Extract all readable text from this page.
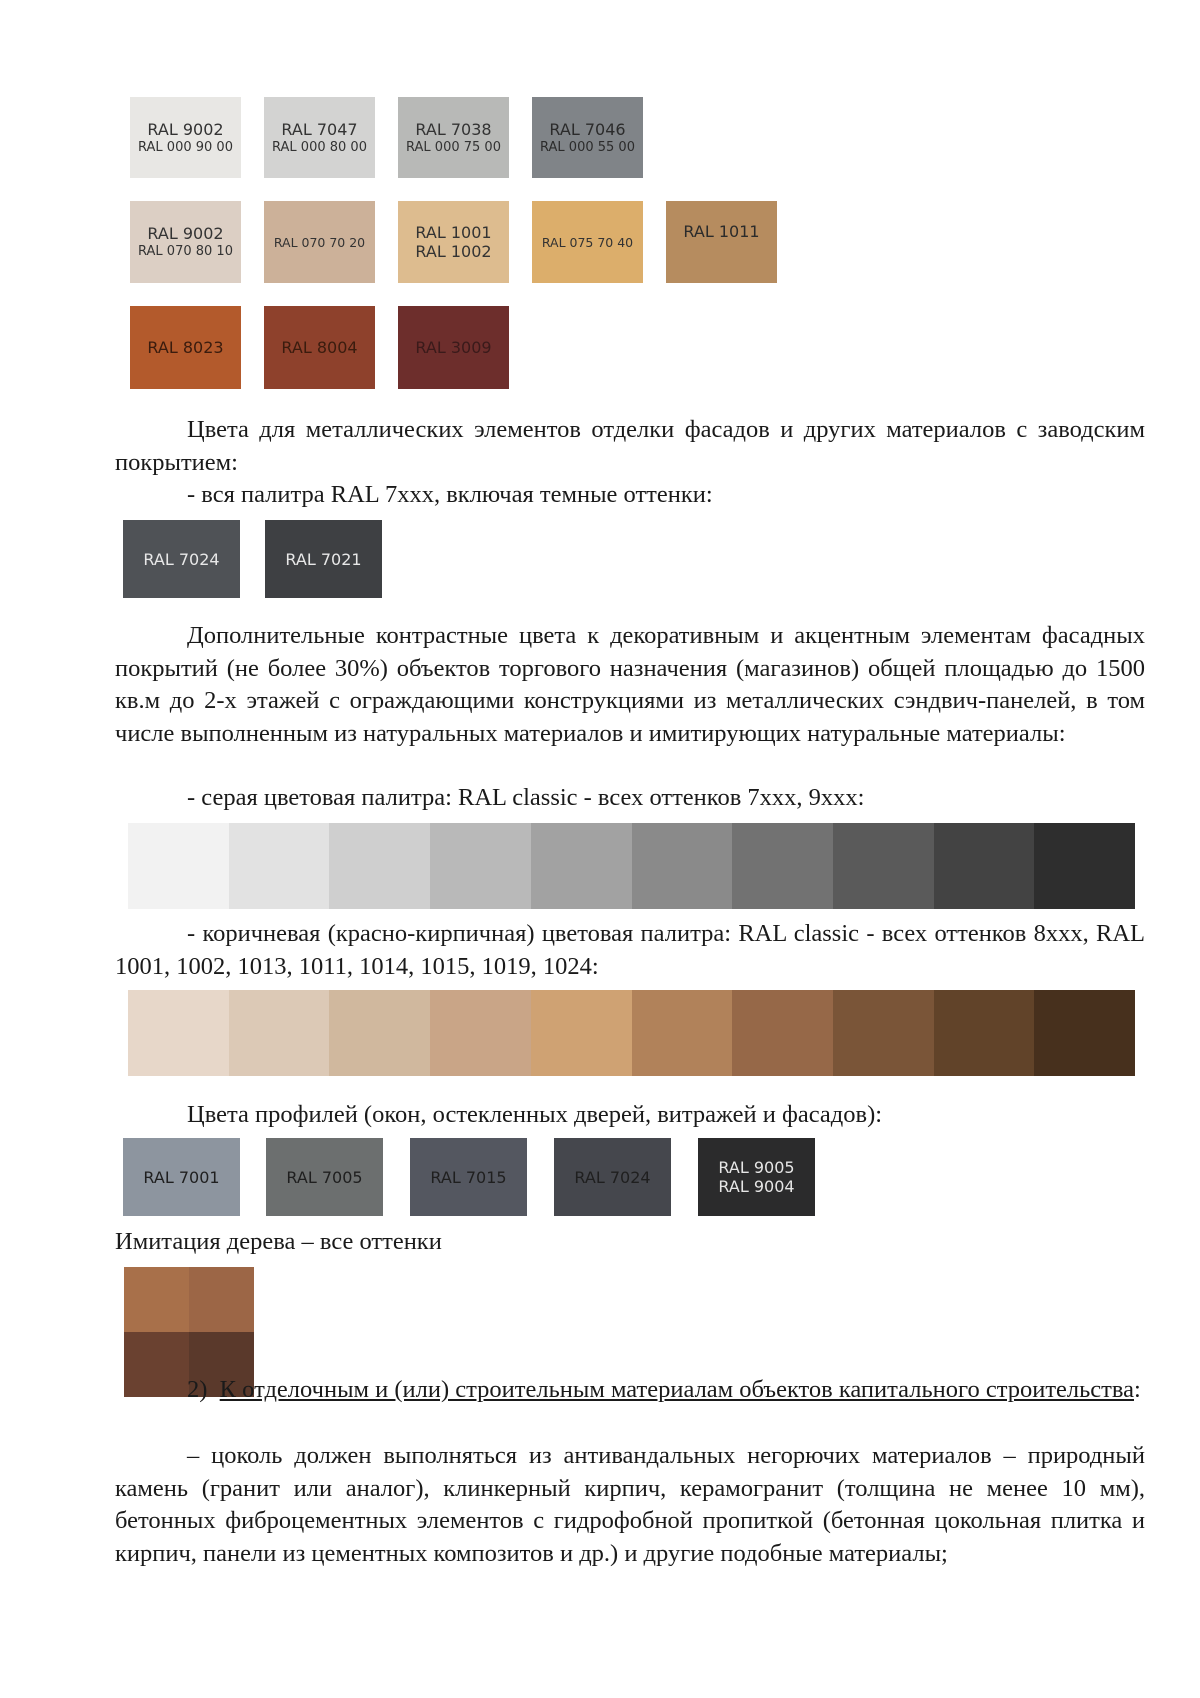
RAL 9002
RAL 000 90 00
RAL 7047
RAL 000 80 00
RAL 7038
RAL 000 75 00
RAL 7046
RAL 000 55 00
RAL 9002
RAL 070 80 10
RAL 070 70 20	RAL 1001
RAL 1002	RAL 075 70 40
RAL 1011
RAL 8023	RAL 8004	RAL 3009

Цвета для металлических элементов отделки фасадов и других материалов с заводским покрытием:

- вся палитра RAL 7xxx, включая темные оттенки:

RAL 7024	RAL 7021

Дополнительные контрастные цвета к декоративным и акцентным элементам фасадных покрытий (не более 30%) объектов торгового назначения (магазинов) общей площадью до 1500 кв.м до 2-х этажей с ограждающими конструкциями из металлических сэндвич-панелей, в том числе выполненным из натуральных материалов и имитирующих натуральные материалы:

- серая цветовая палитра: RAL classic - всех оттенков 7xxx, 9xxx:

- коричневая (красно-кирпичная) цветовая палитра: RAL classic - всех оттенков 8xxx, RAL 1001, 1002, 1013, 1011, 1014, 1015, 1019, 1024:

Цвета профилей (окон, остекленных дверей, витражей и фасадов):

RAL 7001	RAL 7005	RAL 7015	RAL 7024	RAL 9005
RAL 9004

Имитация дерева – все оттенки

2) К отделочным и (или) строительным материалам объектов капитального строительства:

– цоколь должен выполняться из антивандальных негорючих материалов – природный камень (гранит или аналог), клинкерный кирпич, керамогранит (толщина не менее 10 мм), бетонных фиброцементных элементов с гидрофобной пропиткой (бетонная цокольная плитка и кирпич, панели из цементных композитов и др.) и другие подобные материалы;
